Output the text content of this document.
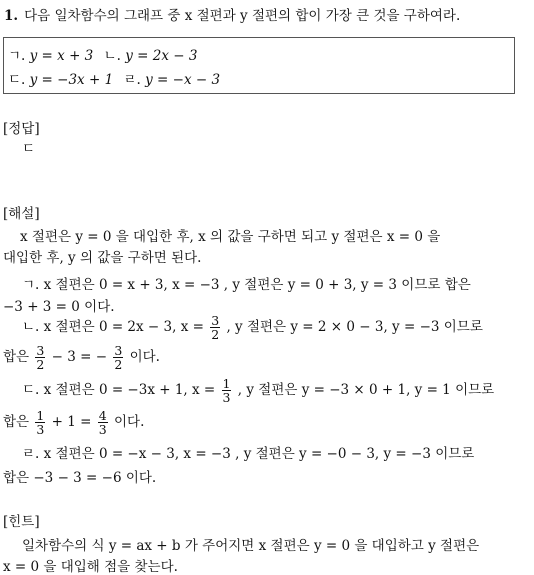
1. 다음 일차함수의 그래프 중 x 절편과 y 절편의 합이 가장 큰 것을 구하여라.
ㄱ. y = x + 3 ㄴ. y = 2x − 3
ㄷ. y = −3x + 1 ㄹ. y = −x − 3
[정답]
ㄷ
[해설]
x 절편은 y = 0 을 대입한 후, x 의 값을 구하면 되고 y 절편은 x = 0 을
대입한 후, y 의 값을 구하면 된다.
ㄱ. x 절편은 0 = x + 3, x = −3 , y 절편은 y = 0 + 3, y = 3 이므로 합은
−3 + 3 = 0 이다.
ㄴ. x 절편은 0 = 2x − 3, $x = \frac{3}{2}$ , y 절편은 y = 2 × 0 − 3, y = −3 이므로
합은 $\frac{3}{2} - 3$ = − $\frac{3}{2}$ 이다.
ㄷ. x 절편은 0 = −3x + 1, $x = \frac{1}{3}$ , y 절편은 y = −3 × 0 + 1, y = 1 이므로
합은 $\frac{1}{3} + 1 = \frac{4}{3}$ 이다.
ㄹ. x 절편은 0 = −x − 3, x = −3 , y 절편은 y = −0 − 3, y = −3 이므로
합은 −3 − 3 = −6 이다.
[힌트]
일차함수의 식 y = ax + b 가 주어지면 x 절편은 y = 0 을 대입하고 y 절편은
x = 0 을 대입해 점을 찾는다.
